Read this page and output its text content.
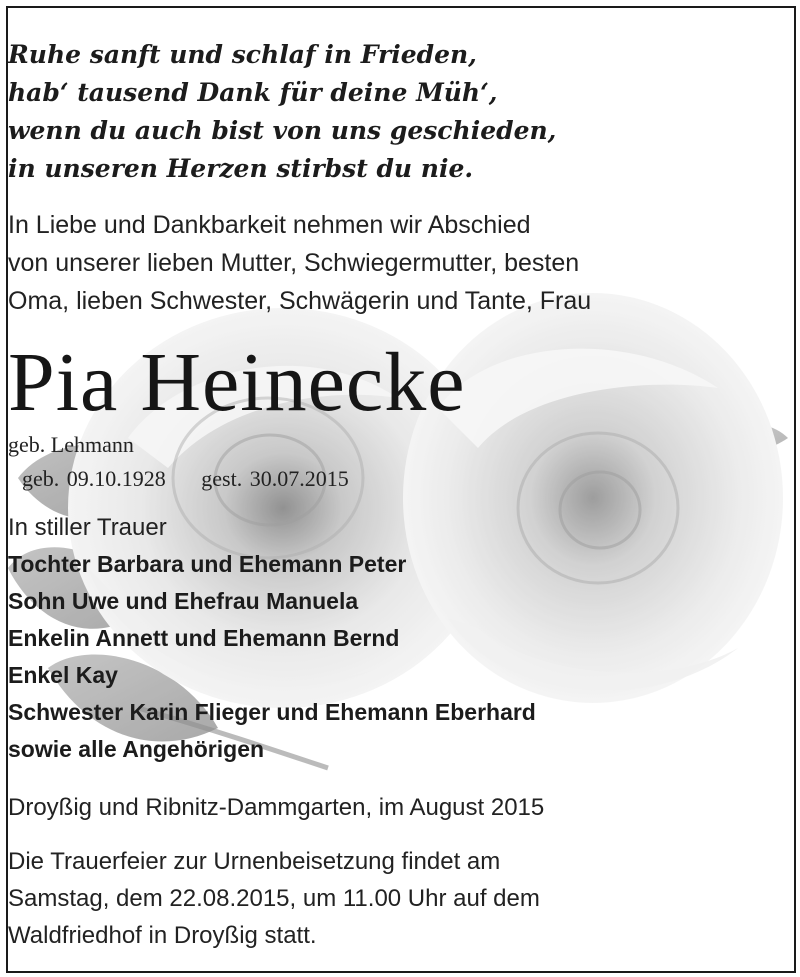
Ruhe sanft und schlaf in Frieden,
hab‘ tausend Dank für deine Müh‘,
wenn du auch bist von uns geschieden,
in unseren Herzen stirbst du nie.
In Liebe und Dankbarkeit nehmen wir Abschied
von unserer lieben Mutter, Schwiegermutter, besten
Oma, lieben Schwester, Schwägerin und Tante, Frau
Pia Heinecke
geb. Lehmann
geb. 09.10.1928 gest. 30.07.2015
In stiller Trauer
Tochter Barbara und Ehemann Peter
Sohn Uwe und Ehefrau Manuela
Enkelin Annett und Ehemann Bernd
Enkel Kay
Schwester Karin Flieger und Ehemann Eberhard
sowie alle Angehörigen
Droyßig und Ribnitz-Dammgarten, im August 2015
Die Trauerfeier zur Urnenbeisetzung findet am
Samstag, dem 22.08.2015, um 11.00 Uhr auf dem
Waldfriedhof in Droyßig statt.
